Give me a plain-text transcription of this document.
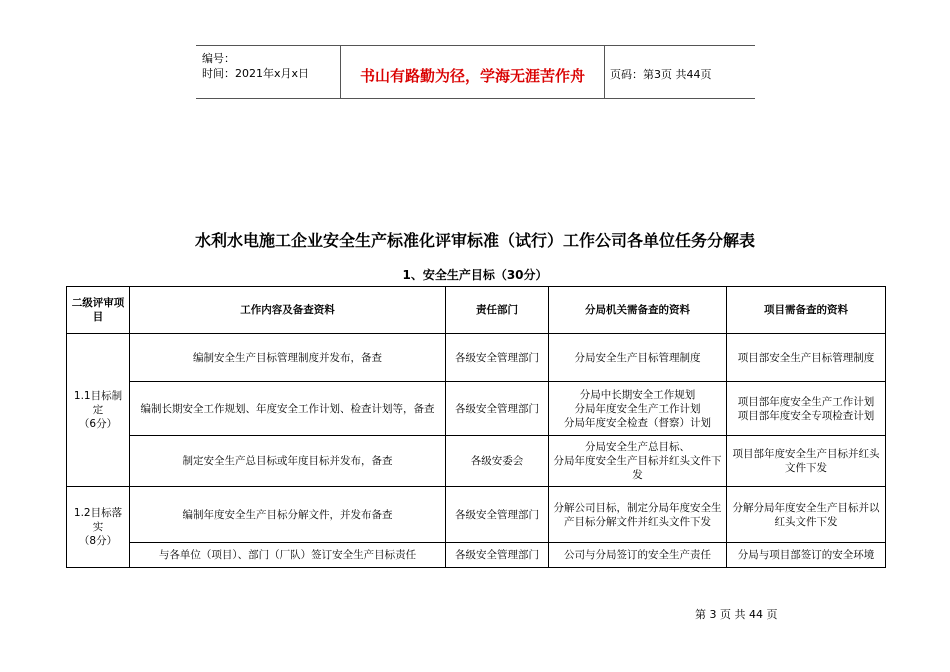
编号：
时间：2021年x月x日	书山有路勤为径，学海无涯苦作舟	页码：第3页 共44页
水利水电施工企业安全生产标准化评审标准（试行）工作公司各单位任务分解表
1、安全生产目标（30分）
二级评审项目	工作内容及备查资料	责任部门	分局机关需备查的资料	项目需备查的资料
1.1目标制定
（6分）	编制安全生产目标管理制度并发布，备查	各级安全管理部门	分局安全生产目标管理制度	项目部安全生产目标管理制度
	编制长期安全工作规划、年度安全工作计划、检查计划等，备查	各级安全管理部门	分局中长期安全工作规划
分局年度安全生产工作计划
分局年度安全检查（督察）计划	项目部年度安全生产工作计划
项目部年度安全专项检查计划
	制定安全生产总目标或年度目标并发布，备查	各级安委会	分局安全生产总目标、
分局年度安全生产目标并红头文件下发	项目部年度安全生产目标并红头文件下发
1.2目标落实
（8分）	编制年度安全生产目标分解文件，并发布备查	各级安全管理部门	分解公司目标，制定分局年度安全生产目标分解文件并红头文件下发	分解分局年度安全生产目标并以红头文件下发
	与各单位（项目）、部门（厂队）签订安全生产目标责任	各级安全管理部门	公司与分局签订的安全生产责任	分局与项目部签订的安全环境
第 3 页 共 44 页
